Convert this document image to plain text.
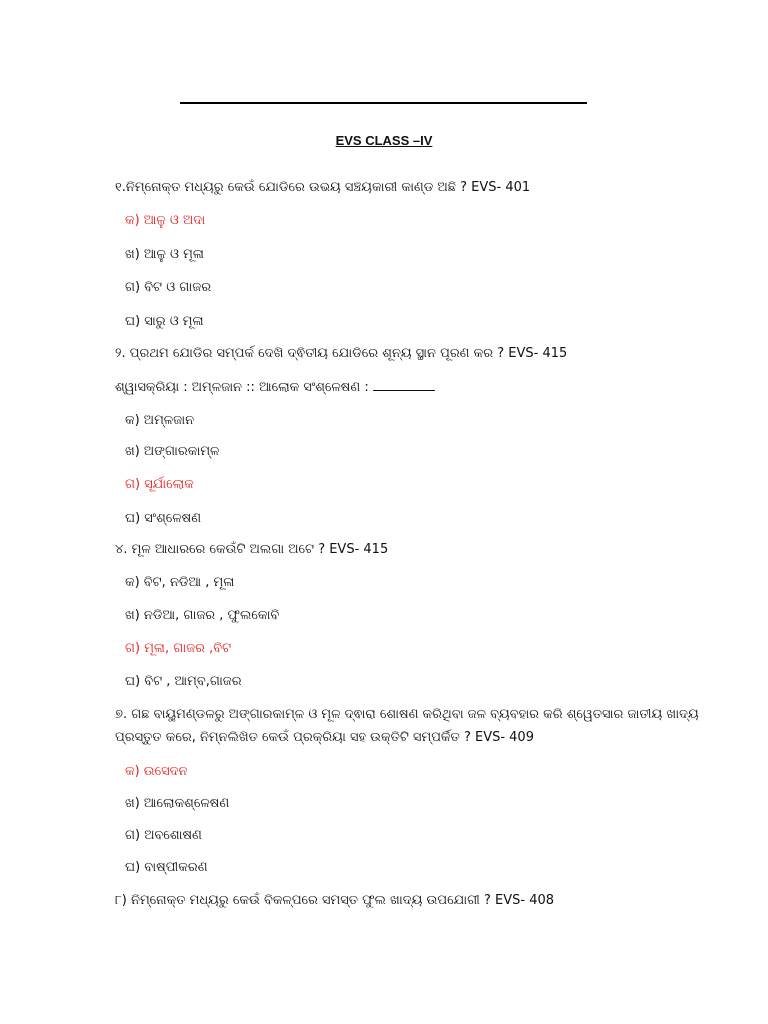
EVS CLASS –IV
୧.ନିମ୍ନୋକ୍ତ ମଧ୍ୟରୁ କେଉଁ ଯୋଡିରେ ଉଭୟ ସଞ୍ଚୟକାରୀ କାଣ୍ଡ ଅଛି ? EVS- 401
କ) ଆଳୁ ଓ ଅଦା
ଖ) ଆଳୁ ଓ ମୂଳା
ଗ) ବିଟ ଓ ଗାଜର
ଘ) ସାରୁ ଓ ମୂଳା
୨. ପ୍ରଥମ ଯୋଡିର ସମ୍ପର୍କ ଦେଖି ଦ୍ଵିତୀୟ ଯୋଡିରେ ଶୂନ୍ୟ ସ୍ଥାନ ପୂରଣ କର ? EVS- 415
ଶ୍ୱାସକ୍ରିୟା : ଅମ୍ଳଜାନ :: ଆଲୋକ ସଂଶ୍ଳେଷଣ :
କ) ଅମ୍ଳଜାନ
ଖ) ଅଙ୍ଗାରକାମ୍ଳ
ଗ) ସୂର୍ଯାଲୋକ
ଘ) ସଂଶ୍ଳେଷଣ
୪. ମୂଳ ଆଧାରରେ କେଉଁଟି ଅଲଗା ଅଟେ ? EVS- 415
କ) ବିଟ, ନଡିଆ , ମୂଳା
ଖ) ନଡିଆ, ଗାଜର , ଫୁଲକୋବି
ଗ) ମୂଳା, ଗାଜର ,ବିଟ
ଘ) ବିଟ , ଆମ୍ବ,ଗାଜର
୭. ଗଛ ବାୟୁମଣ୍ଡଳରୁ ଅଙ୍ଗାରକାମ୍ଳ ଓ ମୂଳ ଦ୍ଵାରା ଶୋଷଣ କରିଥିବା ଜଳ ବ୍ୟବହାର କରି ଶ୍ୱେତସାର ଜାତୀୟ ଖାଦ୍ୟ
ପ୍ରସ୍ତୁତ କରେ, ନିମ୍ନଲିଖିତ କେଉଁ ପ୍ରକ୍ରିୟା ସହ ଉକ୍ତିଟି ସମ୍ପର୍କିତ ? EVS- 409
କ) ଉସେଦନ
ଖ) ଆଲୋକଶ୍ଳେଷଣ
ଗ) ଅବଶୋଷଣ
ଘ) ବାଷ୍ପୀକରଣ
୮) ନିମ୍ନୋକ୍ତ ମଧ୍ୟରୁ କେଉଁ ବିକଳ୍ପରେ ସମସ୍ତ ଫୁଲ ଖାଦ୍ୟ ଉପଯୋଗୀ ? EVS- 408
